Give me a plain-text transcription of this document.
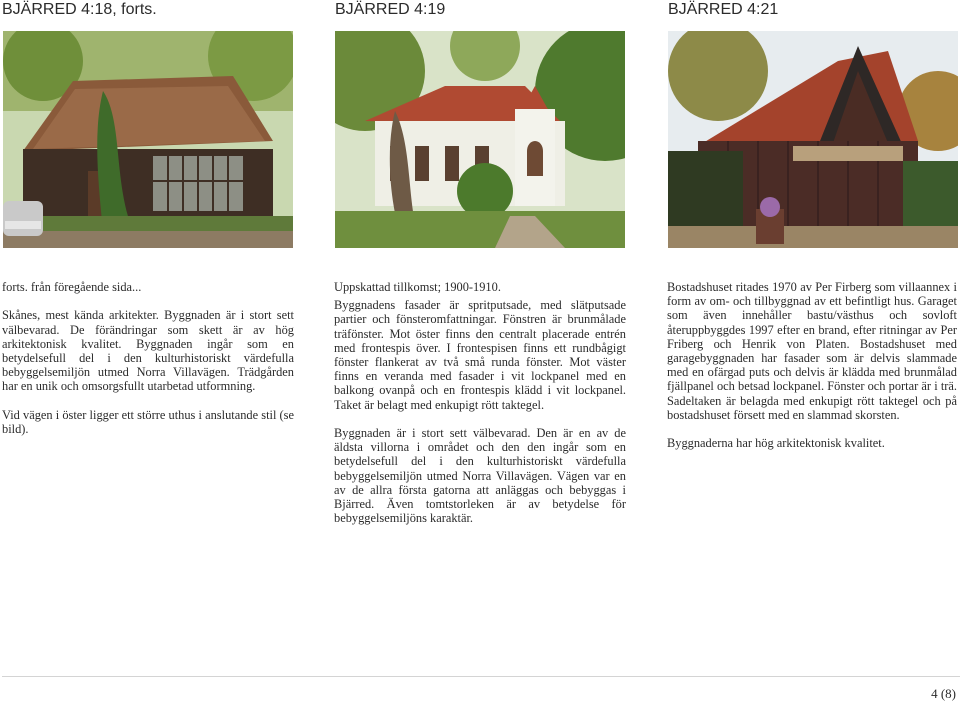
BJÄRRED 4:18, forts.	BJÄRRED 4:19	BJÄRRED 4:21

forts. från föregående sida...

Skånes, mest kända arkitekter. Byggnaden är i stort sett välbevarad. De förändringar som skett är av hög arkitektonisk kvalitet. Byggnaden ingår som en betydelsefull del i den kulturhistoriskt värdefulla bebyggelsemiljön utmed Norra Villavägen. Trädgården har en unik och omsorgsfullt utarbetad utformning.

Vid vägen i öster ligger ett större uthus i anslutande stil (se bild).

Uppskattad tillkomst; 1900-1910.

Byggnadens fasader är spritputsade, med slätputsade partier och fönsteromfattningar. Fönstren är brunmålade träfönster. Mot öster finns den centralt placerade entrén med frontespis över. I frontespisen finns ett rundbågigt fönster flankerat av två små runda fönster. Mot väster finns en veranda med fasader i vit lockpanel med en balkong ovanpå och en frontespis klädd i vit lockpanel. Taket är belagt med enkupigt rött taktegel.

Byggnaden är i stort sett välbevarad. Den är en av de äldsta villorna i området och den den ingår som en betydelsefull del i den kulturhistoriskt värdefulla bebyggelsemiljön utmed Norra Villavägen. Vägen var en av de allra första gatorna att anläggas och bebyggas i Bjärred. Även tomtstorleken är av betydelse för bebyggelsemiljöns karaktär.

Bostadshuset ritades 1970 av Per Firberg som villaannex i form av om- och tillbyggnad av ett befintligt hus. Garaget som även innehåller bastu/västhus och sovloft återuppbyggdes 1997 efter en brand, efter ritningar av Per Friberg och Henrik von Platen. Bostadshuset med garagebyggnaden har fasader som är delvis slammade med en ofärgad puts och delvis är klädda med brunmålad fjällpanel och betsad lockpanel. Fönster och portar är i trä. Sadeltaken är belagda med enkupigt rött taktegel och på bostadshuset försett med en slammad skorsten.

Byggnaderna har hög arkitektonisk kvalitet.

4 (8)
